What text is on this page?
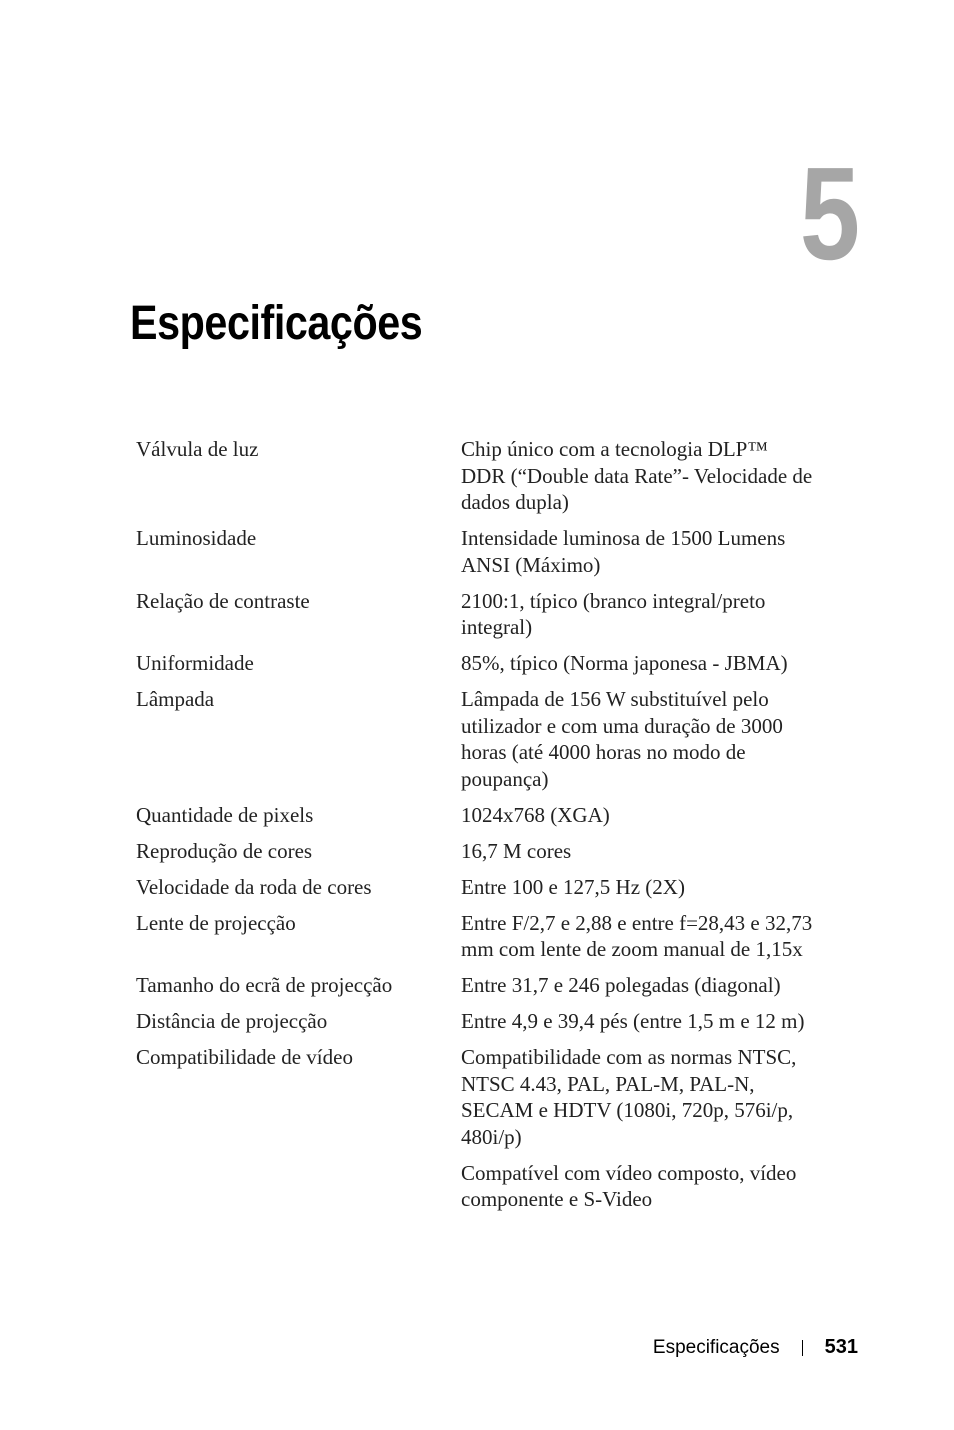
5
Especificações
Válvula de luz	Chip único com a tecnologia DLP™ DDR (“Double data Rate”- Velocidade de dados dupla)

Luminosidade	Intensidade luminosa de 1500 Lumens ANSI (Máximo)

Relação de contraste	2100:1, típico (branco integral/preto integral)

Uniformidade	85%, típico (Norma japonesa - JBMA)

Lâmpada	Lâmpada de 156 W substituível pelo utilizador e com uma duração de 3000 horas (até 4000 horas no modo de poupança)

Quantidade de pixels	1024x768 (XGA)

Reprodução de cores	16,7 M cores

Velocidade da roda de cores	Entre 100 e 127,5 Hz (2X)

Lente de projecção	Entre F/2,7 e 2,88 e entre f=28,43 e 32,73 mm com lente de zoom manual de 1,15x

Tamanho do ecrã de projecção	Entre 31,7 e 246 polegadas (diagonal)

Distância de projecção	Entre 4,9 e 39,4 pés (entre 1,5 m e 12 m)

Compatibilidade de vídeo	Compatibilidade com as normas NTSC, NTSC 4.43, PAL, PAL-M, PAL-N, SECAM e HDTV (1080i, 720p, 576i/p, 480i/p)

Compatível com vídeo composto, vídeo componente e S-Video

Especificações 531
